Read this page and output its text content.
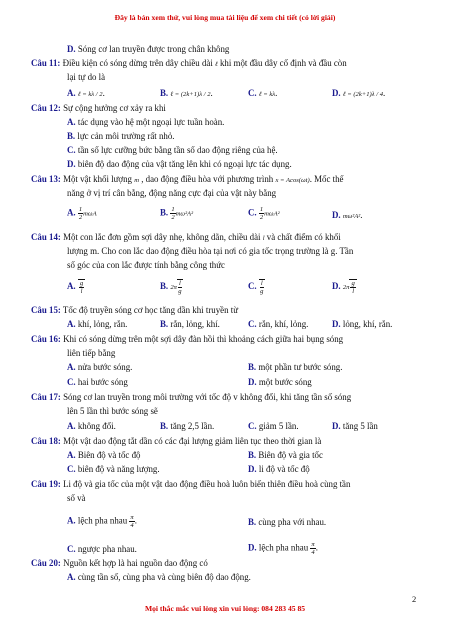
Đây là bản xem thử, vui lòng mua tài liệu để xem chi tiết (có lời giải)
D. Sóng cơ lan truyền được trong chân không
Câu 11: Điều kiện có sóng dừng trên dây chiều dài ℓ khi một đầu dây cố định và đầu còn
lại tự do là
A. ℓ = kλ / 2.	B. ℓ = (2k+1)λ / 2.	C. ℓ = kλ.	D. ℓ = (2k+1)λ / 4.
Câu 12: Sự cộng hưởng cơ xảy ra khi
A. tác dụng vào hệ một ngoại lực tuần hoàn.
B. lực cản môi trường rất nhỏ.
C. tần số lực cưỡng bức bằng tần số dao động riêng của hệ.
D. biên độ dao động của vật tăng lên khi có ngoại lực tác dụng.
Câu 13: Một vật khối lượng m , dao động điều hòa với phương trình x = Acos(ωt). Mốc thế
năng ở vị trí cân bằng, động năng cực đại của vật này bằng
A. $\frac{1}{2}$ mωA	B. $\frac{1}{2} m\omega^2A^2$	C. $\frac{1}{2} m\omega A^2$	D. mω²A².
Câu 14: Một con lắc đơn gồm sợi dây nhẹ, không dãn, chiều dài l và chất điểm có khối
lượng m. Cho con lắc dao động điều hòa tại nơi có gia tốc trọng trường là g. Tần
số góc của con lắc được tính bằng công thức
A. $\frac{g}{l}$	B. $2\pi \frac{l}{g}$	C. $\frac{l}{g}$	D. $2\pi \frac{g}{l}$
Câu 15: Tốc độ truyền sóng cơ học tăng dần khi truyền từ
A. khí, lỏng, rắn.	B. rắn, lỏng, khí.	C. rắn, khí, lỏng.	D. lỏng, khí, rắn.
Câu 16: Khi có sóng dừng trên một sợi dây đàn hồi thì khoảng cách giữa hai bụng sóng
liên tiếp bằng
A. nửa bước sóng.	B. một phần tư bước sóng.
C. hai bước sóng	D. một bước sóng
Câu 17: Sóng cơ lan truyền trong môi trường với tốc độ v không đổi, khi tăng tần số sóng
lên 5 lần thì bước sóng sẽ
A. không đổi.	B. tăng 2,5 lần.	C. giảm 5 lần.	D. tăng 5 lần
Câu 18: Một vật dao động tắt dần có các đại lượng giảm liên tục theo thời gian là
A. Biên độ và tốc độ	B. Biên độ và gia tốc
C. biên độ và năng lượng.	D. li độ và tốc độ
Câu 19: Li độ và gia tốc của một vật dao động điều hoà luôn biến thiên điều hoà cùng tần
số và
A. lệch pha nhau $\frac{\pi}{4}$ .	B. cùng pha với nhau.
C. ngược pha nhau.	D. lệch pha nhau $\frac{\pi}{4}$ .
Câu 20: Nguồn kết hợp là hai nguồn dao động có
A. cùng tần số, cùng pha và cùng biên độ dao động.
2
Mọi thắc mắc vui lòng xin vui lòng: 084 283 45 85
